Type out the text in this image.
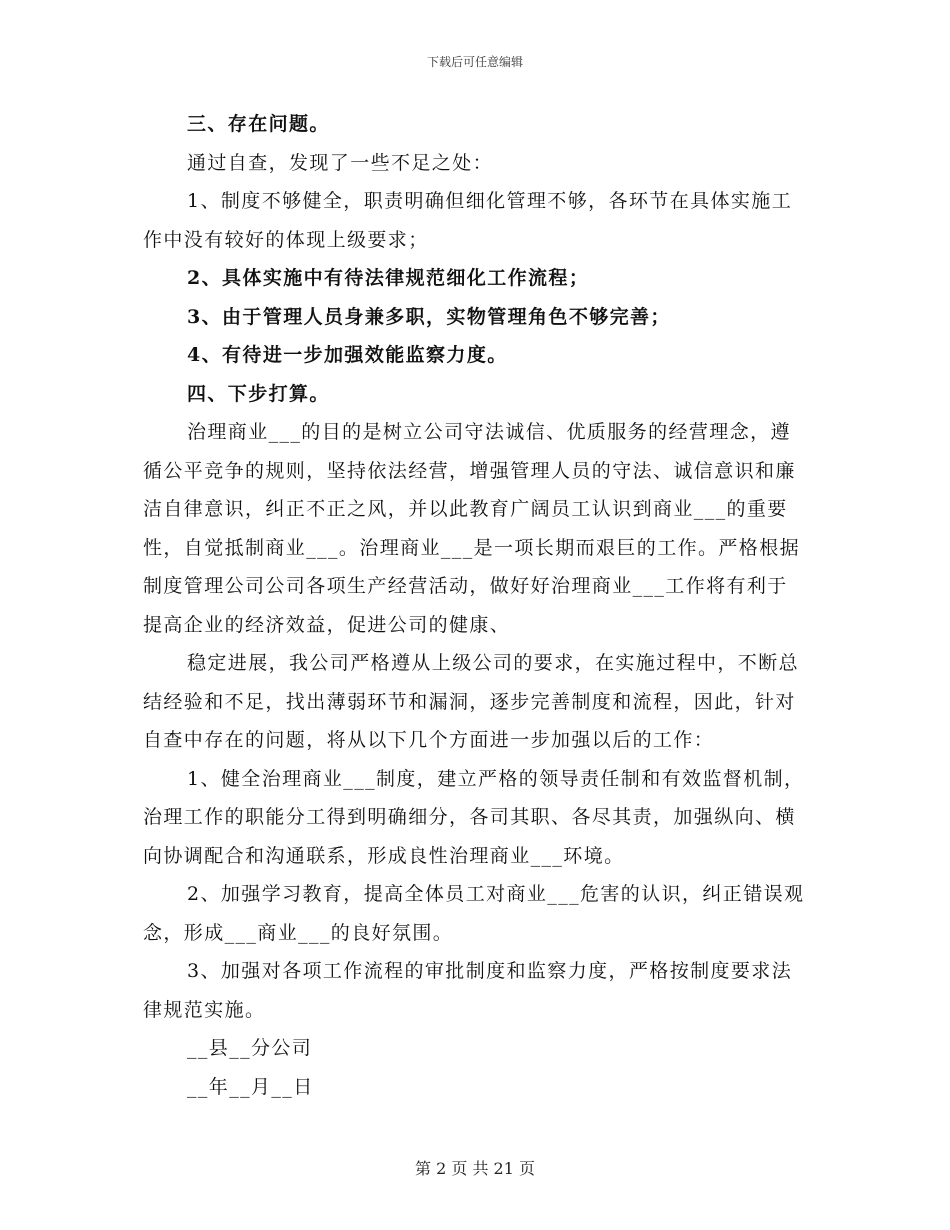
下载后可任意编辑

三、存在问题。

通过自查，发现了一些不足之处：

1、制度不够健全，职责明确但细化管理不够，各环节在具体实施工作中没有较好的体现上级要求；

2、具体实施中有待法律规范细化工作流程；

3、由于管理人员身兼多职，实物管理角色不够完善；

4、有待进一步加强效能监察力度。

四、下步打算。

治理商业___的目的是树立公司守法诚信、优质服务的经营理念，遵循公平竞争的规则，坚持依法经营，增强管理人员的守法、诚信意识和廉洁自律意识，纠正不正之风，并以此教育广阔员工认识到商业___的重要性，自觉抵制商业___。治理商业___是一项长期而艰巨的工作。严格根据制度管理公司公司各项生产经营活动，做好好治理商业___工作将有利于提高企业的经济效益，促进公司的健康、

稳定进展，我公司严格遵从上级公司的要求，在实施过程中，不断总结经验和不足，找出薄弱环节和漏洞，逐步完善制度和流程，因此，针对自查中存在的问题，将从以下几个方面进一步加强以后的工作：

1、健全治理商业___制度，建立严格的领导责任制和有效监督机制，治理工作的职能分工得到明确细分，各司其职、各尽其责，加强纵向、横向协调配合和沟通联系，形成良性治理商业___环境。

2、加强学习教育，提高全体员工对商业___危害的认识，纠正错误观念，形成___商业___的良好氛围。

3、加强对各项工作流程的审批制度和监察力度，严格按制度要求法律规范实施。

__县__分公司

__年__月__日

第 2 页 共 21 页
